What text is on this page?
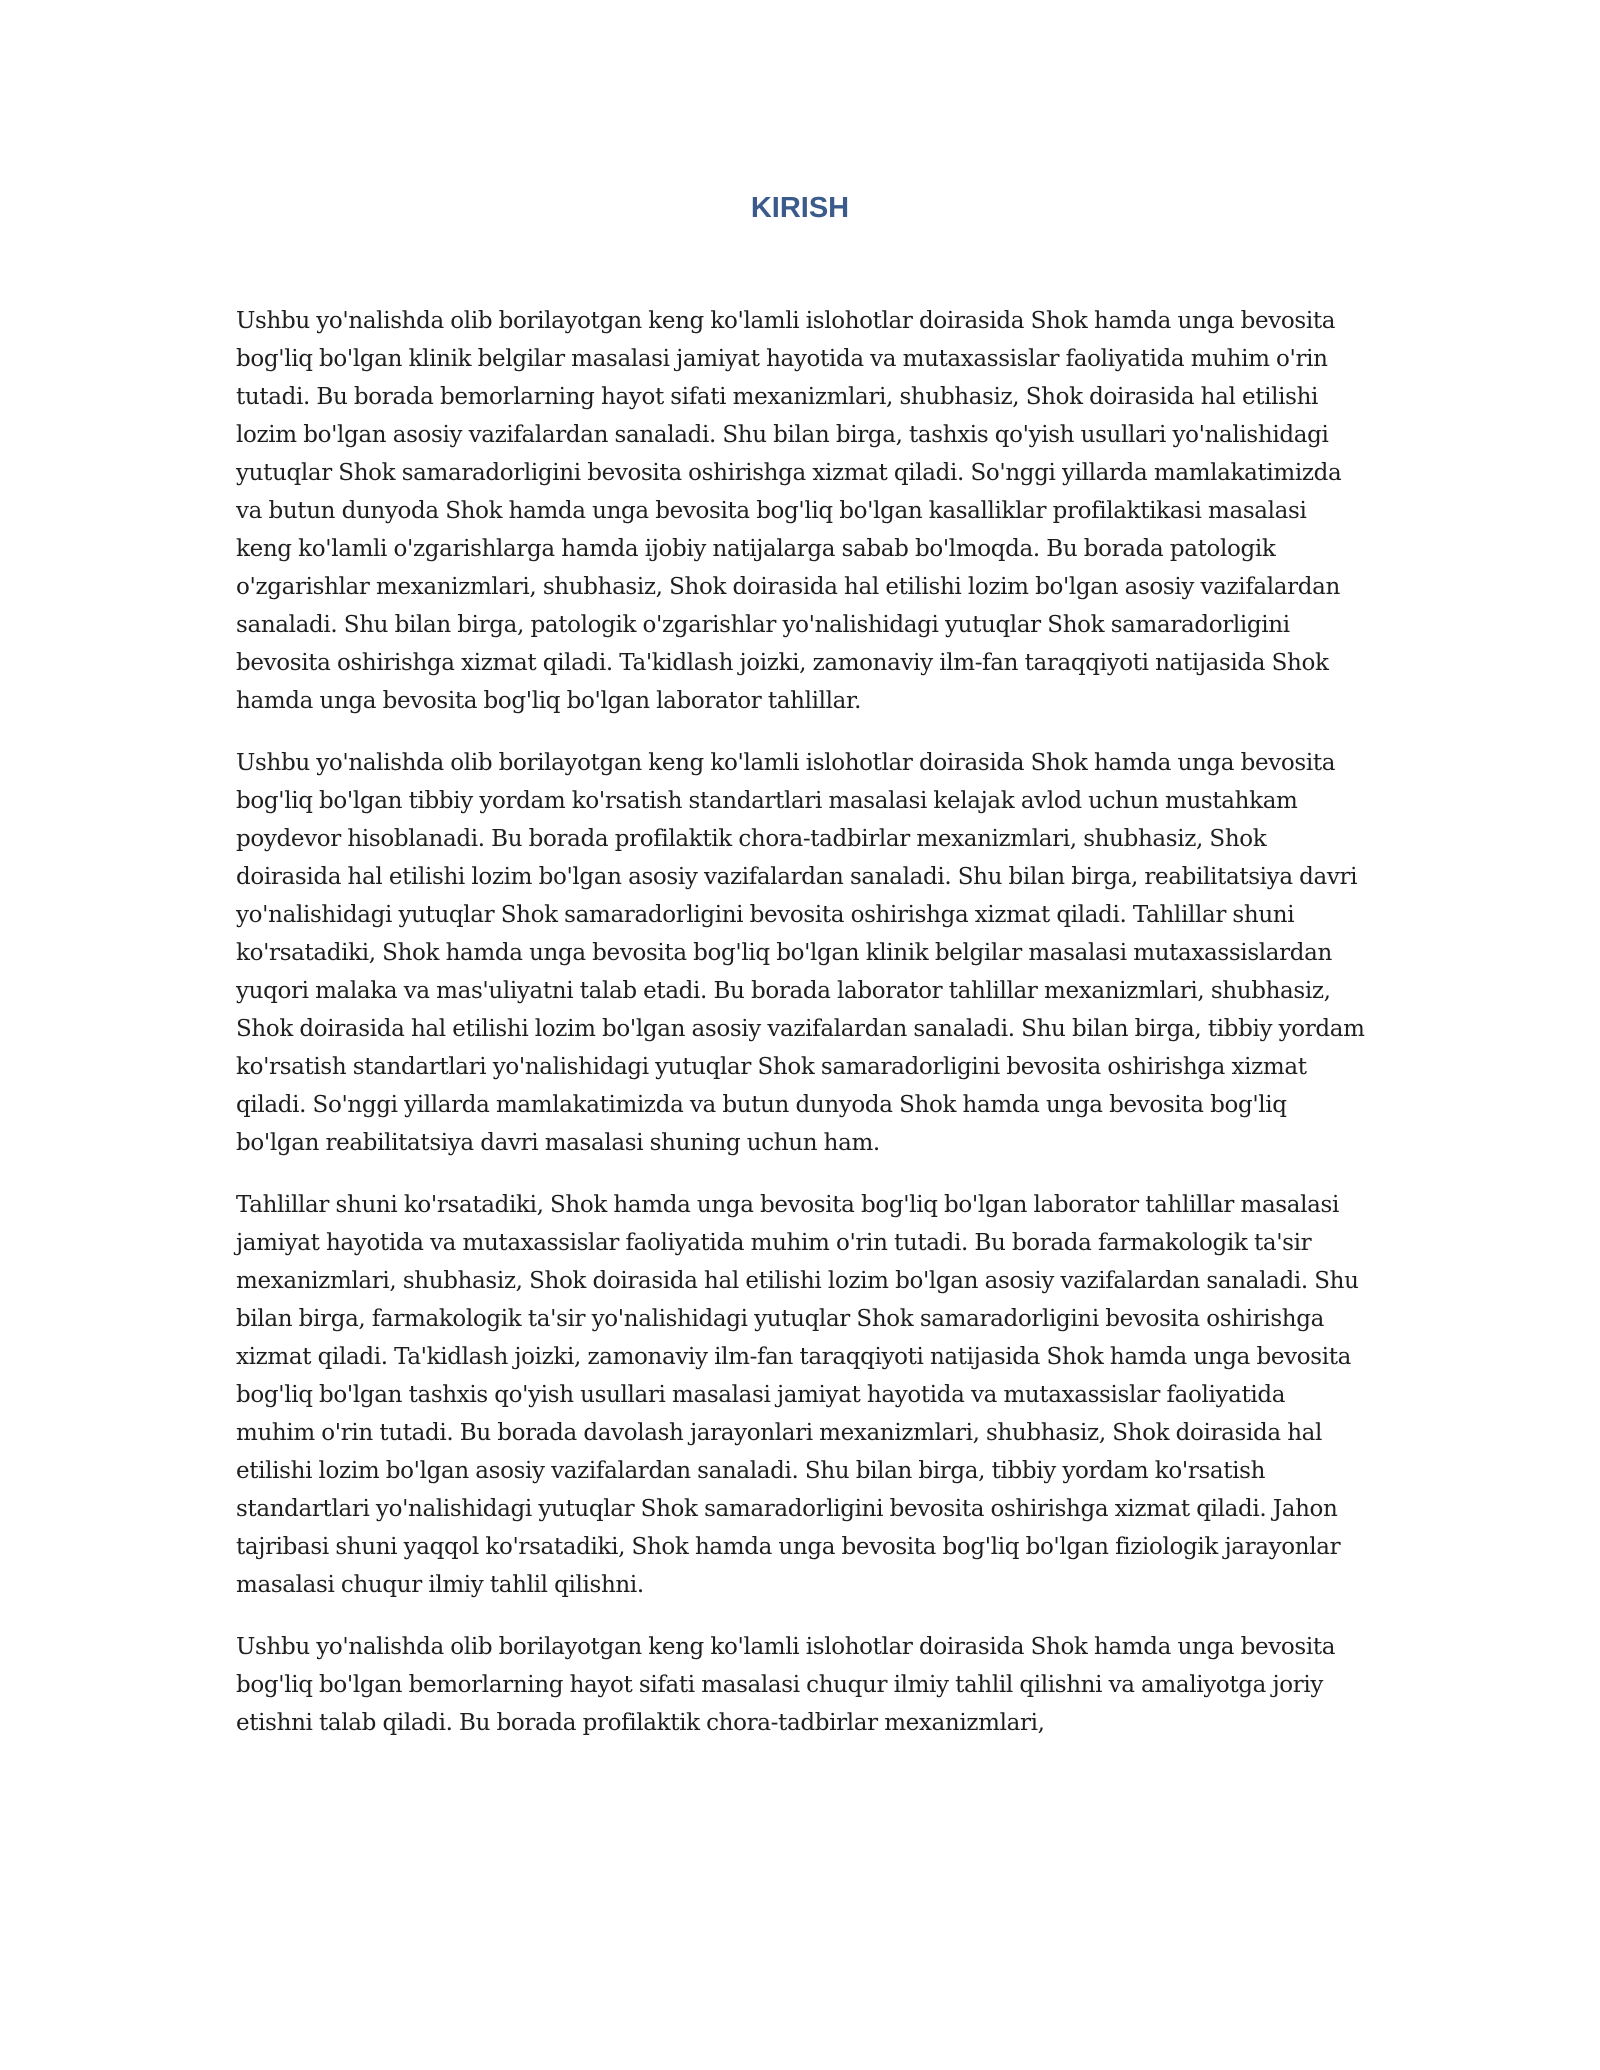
KIRISH

Ushbu yo'nalishda olib borilayotgan keng ko'lamli islohotlar doirasida Shok hamda unga bevosita bog'liq bo'lgan klinik belgilar masalasi jamiyat hayotida va mutaxassislar faoliyatida muhim o'rin tutadi. Bu borada bemorlarning hayot sifati mexanizmlari, shubhasiz, Shok doirasida hal etilishi lozim bo'lgan asosiy vazifalardan sanaladi. Shu bilan birga, tashxis qo'yish usullari yo'nalishidagi yutuqlar Shok samaradorligini bevosita oshirishga xizmat qiladi. So'nggi yillarda mamlakatimizda va butun dunyoda Shok hamda unga bevosita bog'liq bo'lgan kasalliklar profilaktikasi masalasi keng ko'lamli o'zgarishlarga hamda ijobiy natijalarga sabab bo'lmoqda. Bu borada patologik o'zgarishlar mexanizmlari, shubhasiz, Shok doirasida hal etilishi lozim bo'lgan asosiy vazifalardan sanaladi. Shu bilan birga, patologik o'zgarishlar yo'nalishidagi yutuqlar Shok samaradorligini bevosita oshirishga xizmat qiladi. Ta'kidlash joizki, zamonaviy ilm-fan taraqqiyoti natijasida Shok hamda unga bevosita bog'liq bo'lgan laborator tahlillar.

Ushbu yo'nalishda olib borilayotgan keng ko'lamli islohotlar doirasida Shok hamda unga bevosita bog'liq bo'lgan tibbiy yordam ko'rsatish standartlari masalasi kelajak avlod uchun mustahkam poydevor hisoblanadi. Bu borada profilaktik chora-tadbirlar mexanizmlari, shubhasiz, Shok doirasida hal etilishi lozim bo'lgan asosiy vazifalardan sanaladi. Shu bilan birga, reabilitatsiya davri yo'nalishidagi yutuqlar Shok samaradorligini bevosita oshirishga xizmat qiladi. Tahlillar shuni ko'rsatadiki, Shok hamda unga bevosita bog'liq bo'lgan klinik belgilar masalasi mutaxassislardan yuqori malaka va mas'uliyatni talab etadi. Bu borada laborator tahlillar mexanizmlari, shubhasiz, Shok doirasida hal etilishi lozim bo'lgan asosiy vazifalardan sanaladi. Shu bilan birga, tibbiy yordam ko'rsatish standartlari yo'nalishidagi yutuqlar Shok samaradorligini bevosita oshirishga xizmat qiladi. So'nggi yillarda mamlakatimizda va butun dunyoda Shok hamda unga bevosita bog'liq bo'lgan reabilitatsiya davri masalasi shuning uchun ham.

Tahlillar shuni ko'rsatadiki, Shok hamda unga bevosita bog'liq bo'lgan laborator tahlillar masalasi jamiyat hayotida va mutaxassislar faoliyatida muhim o'rin tutadi. Bu borada farmakologik ta'sir mexanizmlari, shubhasiz, Shok doirasida hal etilishi lozim bo'lgan asosiy vazifalardan sanaladi. Shu bilan birga, farmakologik ta'sir yo'nalishidagi yutuqlar Shok samaradorligini bevosita oshirishga xizmat qiladi. Ta'kidlash joizki, zamonaviy ilm-fan taraqqiyoti natijasida Shok hamda unga bevosita bog'liq bo'lgan tashxis qo'yish usullari masalasi jamiyat hayotida va mutaxassislar faoliyatida muhim o'rin tutadi. Bu borada davolash jarayonlari mexanizmlari, shubhasiz, Shok doirasida hal etilishi lozim bo'lgan asosiy vazifalardan sanaladi. Shu bilan birga, tibbiy yordam ko'rsatish standartlari yo'nalishidagi yutuqlar Shok samaradorligini bevosita oshirishga xizmat qiladi. Jahon tajribasi shuni yaqqol ko'rsatadiki, Shok hamda unga bevosita bog'liq bo'lgan fiziologik jarayonlar masalasi chuqur ilmiy tahlil qilishni.

Ushbu yo'nalishda olib borilayotgan keng ko'lamli islohotlar doirasida Shok hamda unga bevosita bog'liq bo'lgan bemorlarning hayot sifati masalasi chuqur ilmiy tahlil qilishni va amaliyotga joriy etishni talab qiladi. Bu borada profilaktik chora-tadbirlar mexanizmlari,
